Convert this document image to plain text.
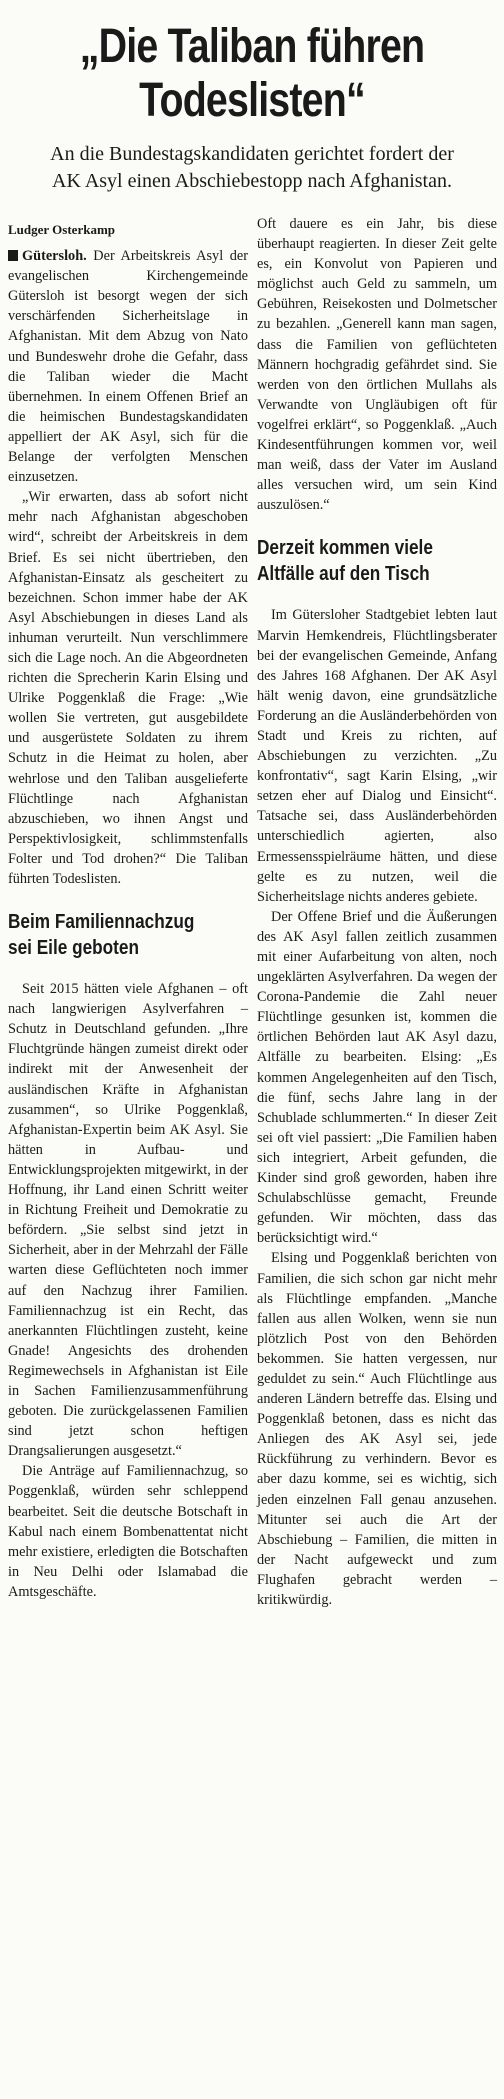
„Die Taliban führen
Todeslisten“
An die Bundestagskandidaten gerichtet fordert der
AK Asyl einen Abschiebestopp nach Afghanistan.
Ludger Osterkamp

Gütersloh. Der Arbeitskreis Asyl der evangelischen Kirchengemeinde Gütersloh ist besorgt wegen der sich verschärfenden Sicherheitslage in Afghanistan. Mit dem Abzug von Nato und Bundeswehr drohe die Gefahr, dass die Taliban wieder die Macht übernehmen. In einem Offenen Brief an die heimischen Bundestagskandidaten appelliert der AK Asyl, sich für die Belange der verfolgten Menschen einzusetzen.

„Wir erwarten, dass ab sofort nicht mehr nach Afghanistan abgeschoben wird“, schreibt der Arbeitskreis in dem Brief. Es sei nicht übertrieben, den Afghanistan-Einsatz als gescheitert zu bezeichnen. Schon immer habe der AK Asyl Abschiebungen in dieses Land als inhuman verurteilt. Nun verschlimmere sich die Lage noch. An die Abgeordneten richten die Sprecherin Karin Elsing und Ulrike Poggenklaß die Frage: „Wie wollen Sie vertreten, gut ausgebildete und ausgerüstete Soldaten zu ihrem Schutz in die Heimat zu holen, aber wehrlose und den Taliban ausgelieferte Flüchtlinge nach Afghanistan abzuschieben, wo ihnen Angst und Perspektivlosigkeit, schlimmstenfalls Folter und Tod drohen?“ Die Taliban führten Todeslisten.

Beim Familiennachzug
sei Eile geboten

Seit 2015 hätten viele Afghanen – oft nach langwierigen Asylverfahren – Schutz in Deutschland gefunden. „Ihre Fluchtgründe hängen zumeist direkt oder indirekt mit der Anwesenheit der ausländischen Kräfte in Afghanistan zusammen“, so Ulrike Poggenklaß, Afghanistan-Expertin beim AK Asyl. Sie hätten in Aufbau- und Entwicklungsprojekten mitgewirkt, in der Hoffnung, ihr Land einen Schritt weiter in Richtung Freiheit und Demokratie zu befördern. „Sie selbst sind jetzt in Sicherheit, aber in der Mehrzahl der Fälle warten diese Geflüchteten noch immer auf den Nachzug ihrer Familien. Familiennachzug ist ein Recht, das anerkannten Flüchtlingen zusteht, keine Gnade! Angesichts des drohenden Regimewechsels in Afghanistan ist Eile in Sachen Familienzusammenführung geboten. Die zurückgelassenen Familien sind jetzt schon heftigen Drangsalierungen ausgesetzt.“

Die Anträge auf Familiennachzug, so Poggenklaß, würden sehr schleppend bearbeitet. Seit die deutsche Botschaft in Kabul nach einem Bombenattentat nicht mehr existiere, erledigten die Botschaften in Neu Delhi oder Islamabad die Amtsgeschäfte.

Oft dauere es ein Jahr, bis diese überhaupt reagierten. In dieser Zeit gelte es, ein Konvolut von Papieren und möglichst auch Geld zu sammeln, um Gebühren, Reisekosten und Dolmetscher zu bezahlen. „Generell kann man sagen, dass die Familien von geflüchteten Männern hochgradig gefährdet sind. Sie werden von den örtlichen Mullahs als Verwandte von Ungläubigen oft für vogelfrei erklärt“, so Poggenklaß. „Auch Kindesentführungen kommen vor, weil man weiß, dass der Vater im Ausland alles versuchen wird, um sein Kind auszulösen.“

Derzeit kommen viele
Altfälle auf den Tisch

Im Gütersloher Stadtgebiet lebten laut Marvin Hemkendreis, Flüchtlingsberater bei der evangelischen Gemeinde, Anfang des Jahres 168 Afghanen. Der AK Asyl hält wenig davon, eine grundsätzliche Forderung an die Ausländerbehörden von Stadt und Kreis zu richten, auf Abschiebungen zu verzichten. „Zu konfrontativ“, sagt Karin Elsing, „wir setzen eher auf Dialog und Einsicht“. Tatsache sei, dass Ausländerbehörden unterschiedlich agierten, also Ermessensspielräume hätten, und diese gelte es zu nutzen, weil die Sicherheitslage nichts anderes gebiete.

Der Offene Brief und die Äußerungen des AK Asyl fallen zeitlich zusammen mit einer Aufarbeitung von alten, noch ungeklärten Asylverfahren. Da wegen der Corona-Pandemie die Zahl neuer Flüchtlinge gesunken ist, kommen die örtlichen Behörden laut AK Asyl dazu, Altfälle zu bearbeiten. Elsing: „Es kommen Angelegenheiten auf den Tisch, die fünf, sechs Jahre lang in der Schublade schlummerten.“ In dieser Zeit sei oft viel passiert: „Die Familien haben sich integriert, Arbeit gefunden, die Kinder sind groß geworden, haben ihre Schulabschlüsse gemacht, Freunde gefunden. Wir möchten, dass das berücksichtigt wird.“

Elsing und Poggenklaß berichten von Familien, die sich schon gar nicht mehr als Flüchtlinge empfanden. „Manche fallen aus allen Wolken, wenn sie nun plötzlich Post von den Behörden bekommen. Sie hatten vergessen, nur geduldet zu sein.“ Auch Flüchtlinge aus anderen Ländern betreffe das. Elsing und Poggenklaß betonen, dass es nicht das Anliegen des AK Asyl sei, jede Rückführung zu verhindern. Bevor es aber dazu komme, sei es wichtig, sich jeden einzelnen Fall genau anzusehen. Mitunter sei auch die Art der Abschiebung – Familien, die mitten in der Nacht aufgeweckt und zum Flughafen gebracht werden – kritikwürdig.
